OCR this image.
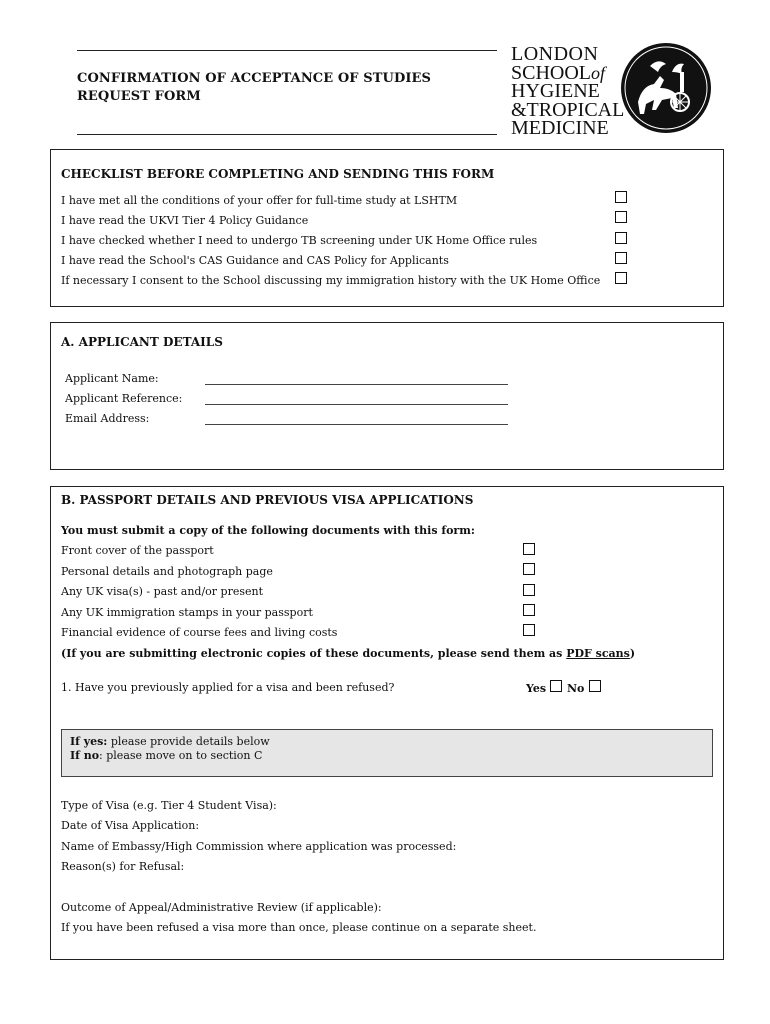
CONFIRMATION OF ACCEPTANCE OF STUDIES
REQUEST FORM
LONDON
SCHOOLof
HYGIENE
&TROPICAL
MEDICINE
CHECKLIST BEFORE COMPLETING AND SENDING THIS FORM
I have met all the conditions of your offer for full-time study at LSHTM
I have read the UKVI Tier 4 Policy Guidance
I have checked whether I need to undergo TB screening under UK Home Office rules
I have read the School's CAS Guidance and CAS Policy for Applicants
If necessary I consent to the School discussing my immigration history with the UK Home Office
A. APPLICANT DETAILS
Applicant Name:
Applicant Reference:
Email Address:
B. PASSPORT DETAILS AND PREVIOUS VISA APPLICATIONS
You must submit a copy of the following documents with this form:
Front cover of the passport
Personal details and photograph page
Any UK visa(s) - past and/or present
Any UK immigration stamps in your passport
Financial evidence of course fees and living costs
(If you are submitting electronic copies of these documents, please send them as PDF scans)
1. Have you previously applied for a visa and been refused?	Yes No
If yes: please provide details below
If no: please move on to section C
Type of Visa (e.g. Tier 4 Student Visa):
Date of Visa Application:
Name of Embassy/High Commission where application was processed:
Reason(s) for Refusal:
Outcome of Appeal/Administrative Review (if applicable):
If you have been refused a visa more than once, please continue on a separate sheet.
